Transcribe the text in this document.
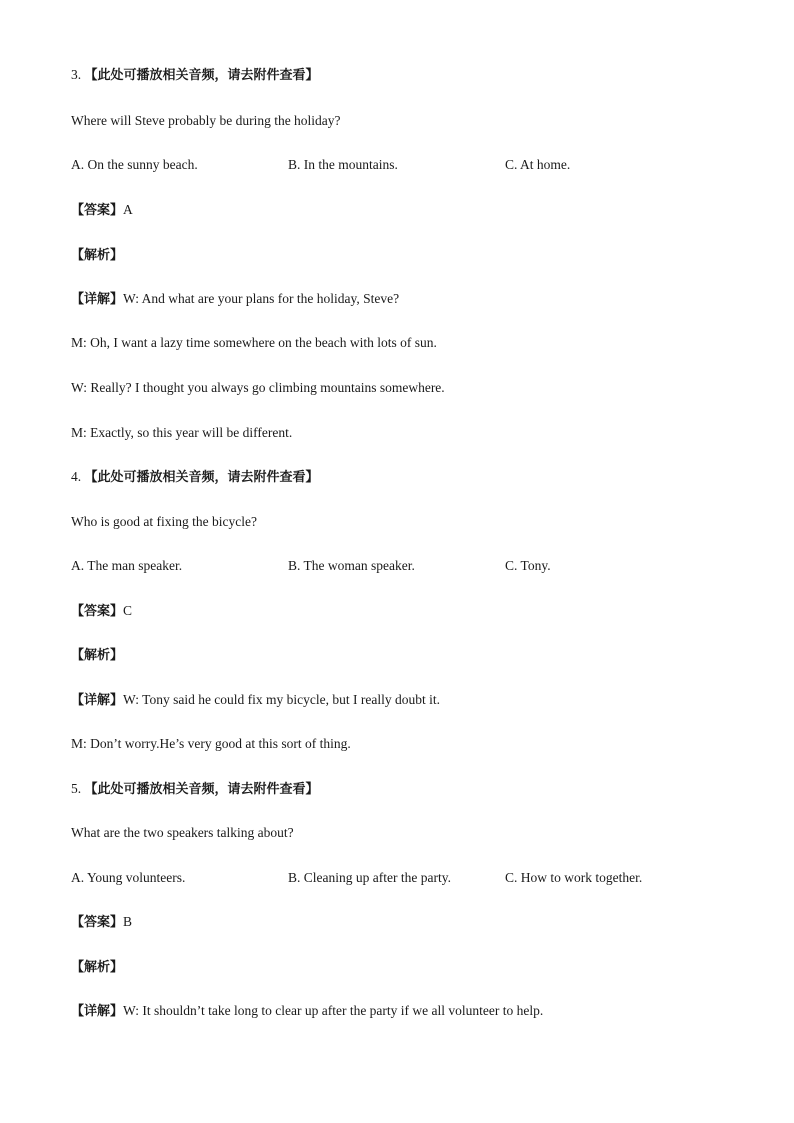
3. 【此处可播放相关音频，请去附件查看】
Where will Steve probably be during the holiday?
A. On the sunny beach.	B. In the mountains.	C. At home.
【答案】A
【解析】
【详解】W: And what are your plans for the holiday, Steve?
M: Oh, I want a lazy time somewhere on the beach with lots of sun.
W: Really? I thought you always go climbing mountains somewhere.
M: Exactly, so this year will be different.
4. 【此处可播放相关音频，请去附件查看】
Who is good at fixing the bicycle?
A. The man speaker.	B. The woman speaker.	C. Tony.
【答案】C
【解析】
【详解】W: Tony said he could fix my bicycle, but I really doubt it.
M: Don’t worry.He’s very good at this sort of thing.
5. 【此处可播放相关音频，请去附件查看】
What are the two speakers talking about?
A. Young volunteers.	B. Cleaning up after the party.	C. How to work together.
【答案】B
【解析】
【详解】W: It shouldn’t take long to clear up after the party if we all volunteer to help.
